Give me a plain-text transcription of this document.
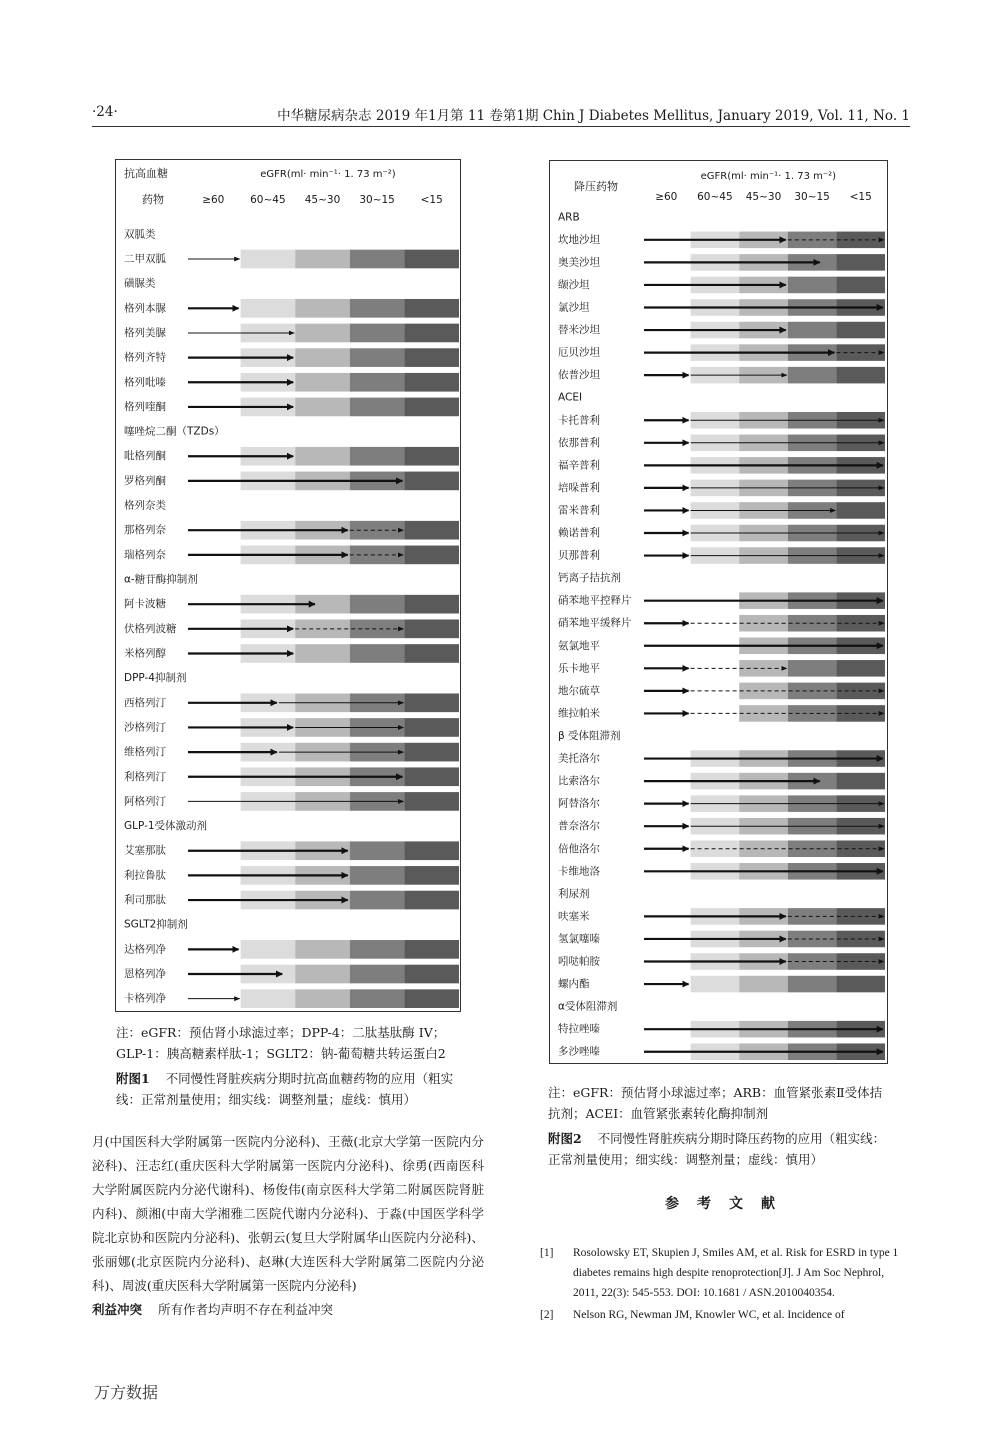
·24·	中华糖尿病杂志 2019 年1月第 11 卷第1期 Chin J Diabetes Mellitus, January 2019, Vol. 11, No. 1
抗高血糖
药物	≥60 60~45 45~30 30~15 <15
eGFR(ml· min⁻¹· 1. 73 m⁻²)
双胍类
二甲双胍
磺脲类
格列本脲
格列美脲
格列齐特
格列吡嗪
格列喹酮
噻唑烷二酮（TZDs）
吡格列酮
罗格列酮
格列奈类
那格列奈
瑞格列奈
α-糖苷酶抑制剂
阿卡波糖
伏格列波糖
米格列醇
DPP-4抑制剂
西格列汀
沙格列汀
维格列汀
利格列汀
阿格列汀
GLP-1受体激动剂
艾塞那肽
利拉鲁肽
利司那肽
SGLT2抑制剂
达格列净
恩格列净
卡格列净
注：eGFR：预估肾小球滤过率；DPP-4：二肽基肽酶 IV；GLP-1：胰高糖素样肽-1；SGLT2：钠-葡萄糖共转运蛋白2
附图1 不同慢性肾脏疾病分期时抗高血糖药物的应用（粗实线：正常剂量使用；细实线：调整剂量；虚线：慎用）
降压药物
≥60 60~45 45~30 30~15 <15
eGFR(ml· min⁻¹· 1. 73 m⁻²)
ARB
坎地沙坦
奥美沙坦
缬沙坦
氯沙坦
替米沙坦
厄贝沙坦
依普沙坦
ACEI
卡托普利
依那普利
福辛普利
培哚普利
雷米普利
赖诺普利
贝那普利
钙离子拮抗剂
硝苯地平控释片
硝苯地平缓释片
氨氯地平
乐卡地平
地尔硫草
维拉帕米
β 受体阻滞剂
美托洛尔
比索洛尔
阿替洛尔
普奈洛尔
倍他洛尔
卡维地洛
利尿剂
呋塞米
氢氯噻嗪
吲哒帕胺
螺内酯
α受体阻滞剂
特拉唑嗪
多沙唑嗪
注：eGFR：预估肾小球滤过率；ARB：血管紧张素Ⅱ受体拮抗剂；ACEI：血管紧张素转化酶抑制剂
附图2 不同慢性肾脏疾病分期时降压药物的应用（粗实线：正常剂量使用；细实线：调整剂量；虚线：慎用）
月(中国医科大学附属第一医院内分泌科)、王薇(北京大学第一医院内分泌科)、汪志红(重庆医科大学附属第一医院内分泌科)、徐勇(西南医科大学附属医院内分泌代谢科)、杨俊伟(南京医科大学第二附属医院肾脏内科)、颜湘(中南大学湘雅二医院代谢内分泌科)、于淼(中国医学科学院北京协和医院内分泌科)、张朝云(复旦大学附属华山医院内分泌科)、张丽娜(北京医院内分泌科)、赵琳(大连医科大学附属第二医院内分泌科)、周波(重庆医科大学附属第一医院内分泌科)
利益冲突 所有作者均声明不存在利益冲突
参考文献
[1] Rosolowsky ET, Skupien J, Smiles AM, et al. Risk for ESRD in type 1 diabetes remains high despite renoprotection[J]. J Am Soc Nephrol, 2011, 22(3): 545-553. DOI: 10.1681 / ASN.2010040354.
[2] Nelson RG, Newman JM, Knowler WC, et al. Incidence of
万方数据
